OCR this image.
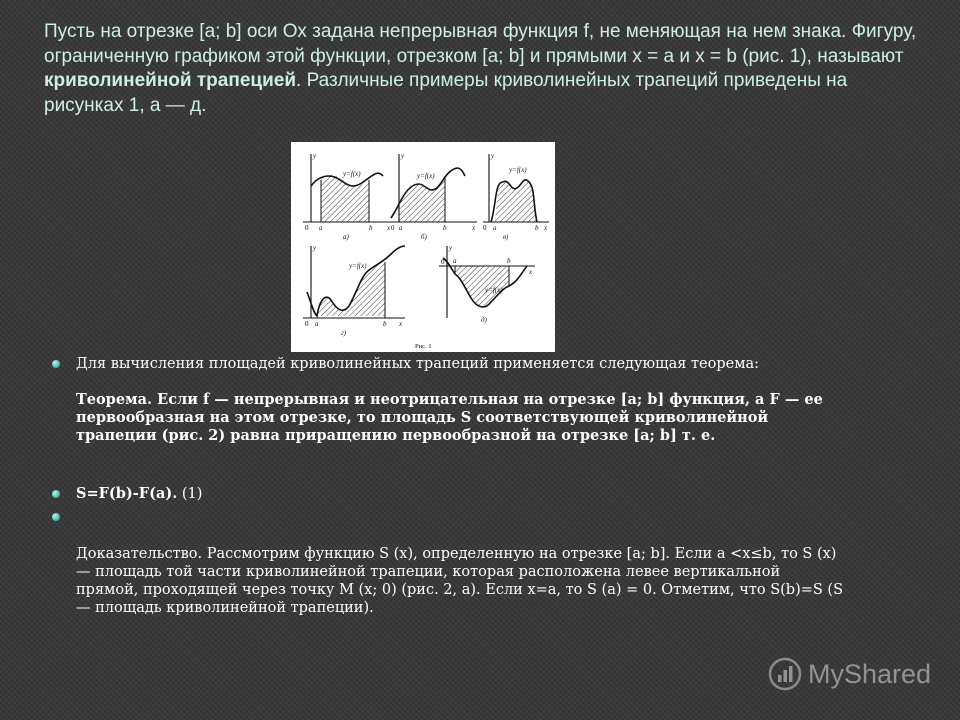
Пусть на отрезке [а; b] оси Ох задана непрерывная функция f, не меняющая на нем знака. Фигуру, ограниченную графиком этой функции, отрезком [a; b] и прямыми х = а и х = b (рис. 1), называют криволинейной трапецией. Различные примеры криволинейных трапеций приведены на рисунках 1, а — д.

y
x
y=f(x)
0 a	b
а)
y
x
y=f(x)
0 a	b
б)
y
x
y=f(x)
0 a	b
в)
y
x
y=f(x)
0 a	b
г)
y
x
y=f(x)
0 a	b
д)
Рис. 1

Для вычисления площадей криволинейных трапеций применяется следующая теорема:

Теорема. Если f — непрерывная и неотрицательная на отрезке [a; b] функция, а F — ее

первообразная на этом отрезке, то площадь S соответствующей криволинейной

трапеции (рис. 2) равна приращению первообразной на отрезке [a; b] т. е.

S=F(b)-F(a). (1)

Доказательство. Рассмотрим функцию S (x), определенную на отрезке [a; b]. Если а <x≤b, то S (x)

— площадь той части криволинейной трапеции, которая расположена левее вертикальной

прямой, проходящей через точку М (х; 0) (рис. 2, а). Если х=а, то S (а) = 0. Отметим, что S(b)=S (S

— площадь криволинейной трапеции).

MyShared
